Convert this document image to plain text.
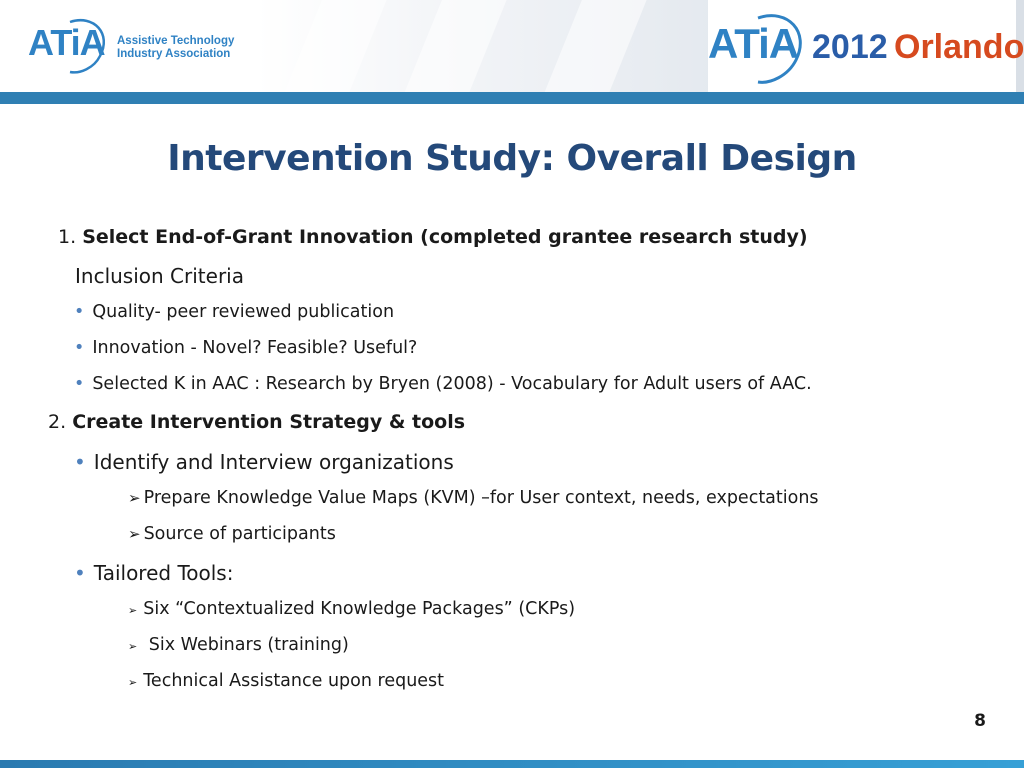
ATiA Assistive Technology
Industry Association	ATiA 2012 Orlando
Intervention Study: Overall Design
1. Select End-of-Grant Innovation (completed grantee research study)
Inclusion Criteria
• Quality- peer reviewed publication
• Innovation - Novel? Feasible? Useful?
• Selected K in AAC : Research by Bryen (2008) - Vocabulary for Adult users of AAC.
2. Create Intervention Strategy & tools
• Identify and Interview organizations
➢ Prepare Knowledge Value Maps (KVM) –for User context, needs, expectations
➢ Source of participants
• Tailored Tools:
➢ Six “Contextualized Knowledge Packages” (CKPs)
➢ Six Webinars (training)
➢ Technical Assistance upon request
8
